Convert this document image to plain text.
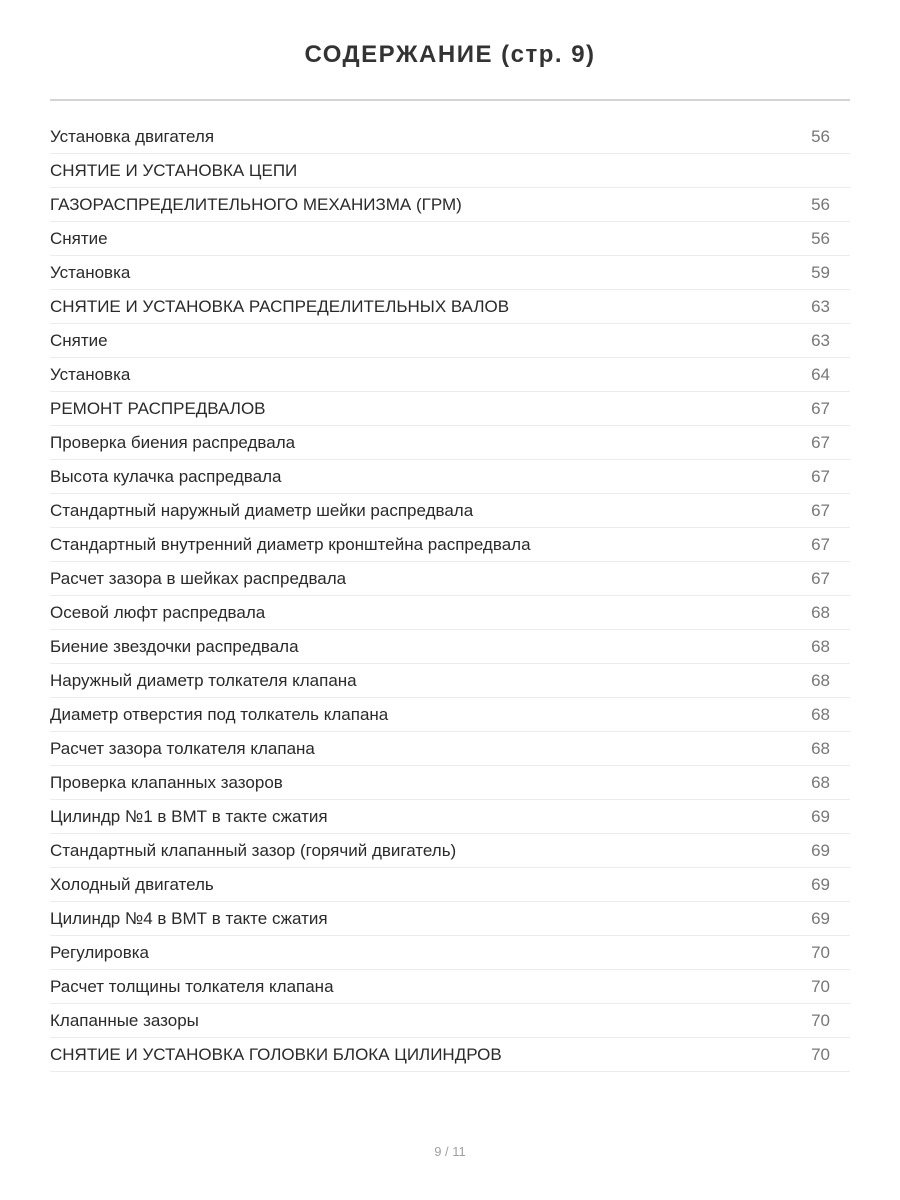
СОДЕРЖАНИЕ (стр. 9)
Установка двигателя	56
СНЯТИЕ И УСТАНОВКА ЦЕПИ
ГАЗОРАСПРЕДЕЛИТЕЛЬНОГО МЕХАНИЗМА (ГРМ)	56
Снятие	56
Установка	59
СНЯТИЕ И УСТАНОВКА РАСПРЕДЕЛИТЕЛЬНЫХ ВАЛОВ	63
Снятие	63
Установка	64
РЕМОНТ РАСПРЕДВАЛОВ	67
Проверка биения распредвала	67
Высота кулачка распредвала	67
Стандартный наружный диаметр шейки распредвала	67
Стандартный внутренний диаметр кронштейна распредвала	67
Расчет зазора в шейках распредвала	67
Осевой люфт распредвала	68
Биение звездочки распредвала	68
Наружный диаметр толкателя клапана	68
Диаметр отверстия под толкатель клапана	68
Расчет зазора толкателя клапана	68
Проверка клапанных зазоров	68
Цилиндр №1 в ВМТ в такте сжатия	69
Стандартный клапанный зазор (горячий двигатель)	69
Холодный двигатель	69
Цилиндр №4 в ВМТ в такте сжатия	69
Регулировка	70
Расчет толщины толкателя клапана	70
Клапанные зазоры	70
СНЯТИЕ И УСТАНОВКА ГОЛОВКИ БЛОКА ЦИЛИНДРОВ	70
9 / 11
